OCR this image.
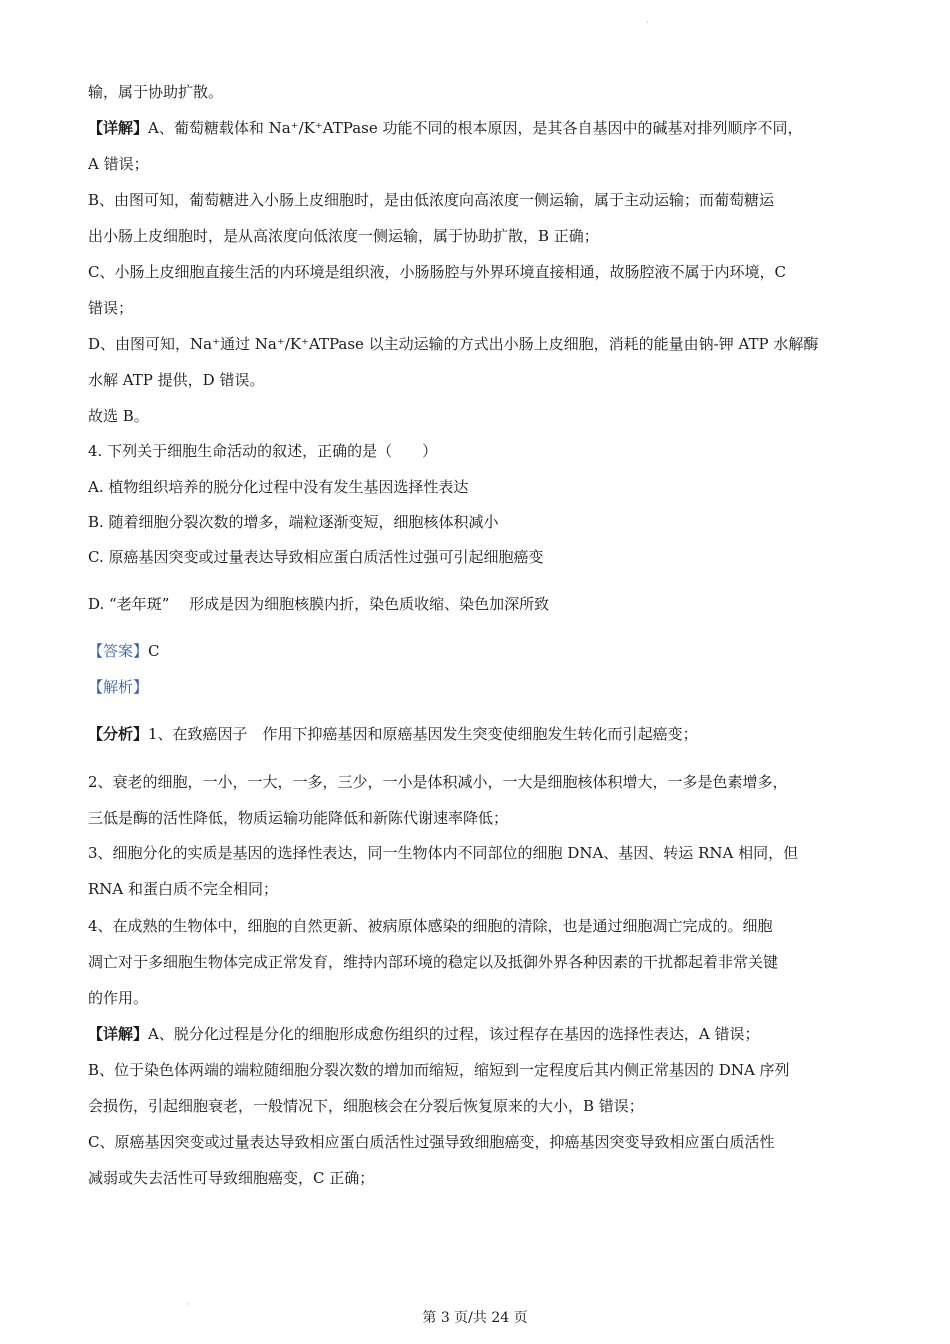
输，属于协助扩散。
【详解】A、葡萄糖载体和 Na⁺/K⁺ATPase 功能不同的根本原因，是其各自基因中的碱基对排列顺序不同，
A 错误；
B、由图可知，葡萄糖进入小肠上皮细胞时，是由低浓度向高浓度一侧运输，属于主动运输；而葡萄糖运
出小肠上皮细胞时，是从高浓度向低浓度一侧运输，属于协助扩散，B 正确；
C、小肠上皮细胞直接生活的内环境是组织液，小肠肠腔与外界环境直接相通，故肠腔液不属于内环境，C
错误；
D、由图可知，Na⁺通过 Na⁺/K⁺ATPase 以主动运输的方式出小肠上皮细胞，消耗的能量由钠-钾 ATP 水解酶
水解 ATP 提供，D 错误。
故选 B。
4. 下列关于细胞生命活动的叙述，正确的是（　　）
A. 植物组织培养的脱分化过程中没有发生基因选择性表达
B. 随着细胞分裂次数的增多，端粒逐渐变短，细胞核体积减小
C. 原癌基因突变或过量表达导致相应蛋白质活性过强可引起细胞癌变
D. “老年斑”　 形成是因为细胞核膜内折，染色质收缩、染色加深所致
【答案】C
【解析】
【分析】1、在致癌因子　作用下抑癌基因和原癌基因发生突变使细胞发生转化而引起癌变；
2、衰老的细胞，一小，一大，一多，三少，一小是体积减小，一大是细胞核体积增大，一多是色素增多，
三低是酶的活性降低，物质运输功能降低和新陈代谢速率降低；
3、细胞分化的实质是基因的选择性表达，同一生物体内不同部位的细胞 DNA、基因、转运 RNA 相同，但
RNA 和蛋白质不完全相同；
4、在成熟的生物体中，细胞的自然更新、被病原体感染的细胞的清除，也是通过细胞凋亡完成的。细胞
凋亡对于多细胞生物体完成正常发育，维持内部环境的稳定以及抵御外界各种因素的干扰都起着非常关键
的作用。
【详解】A、脱分化过程是分化的细胞形成愈伤组织的过程，该过程存在基因的选择性表达，A 错误；
B、位于染色体两端的端粒随细胞分裂次数的增加而缩短，缩短到一定程度后其内侧正常基因的 DNA 序列
会损伤，引起细胞衰老，一般情况下，细胞核会在分裂后恢复原来的大小，B 错误；
C、原癌基因突变或过量表达导致相应蛋白质活性过强导致细胞癌变，抑癌基因突变导致相应蛋白质活性
减弱或失去活性可导致细胞癌变，C 正确；
·
·
第 3 页/共 24 页
